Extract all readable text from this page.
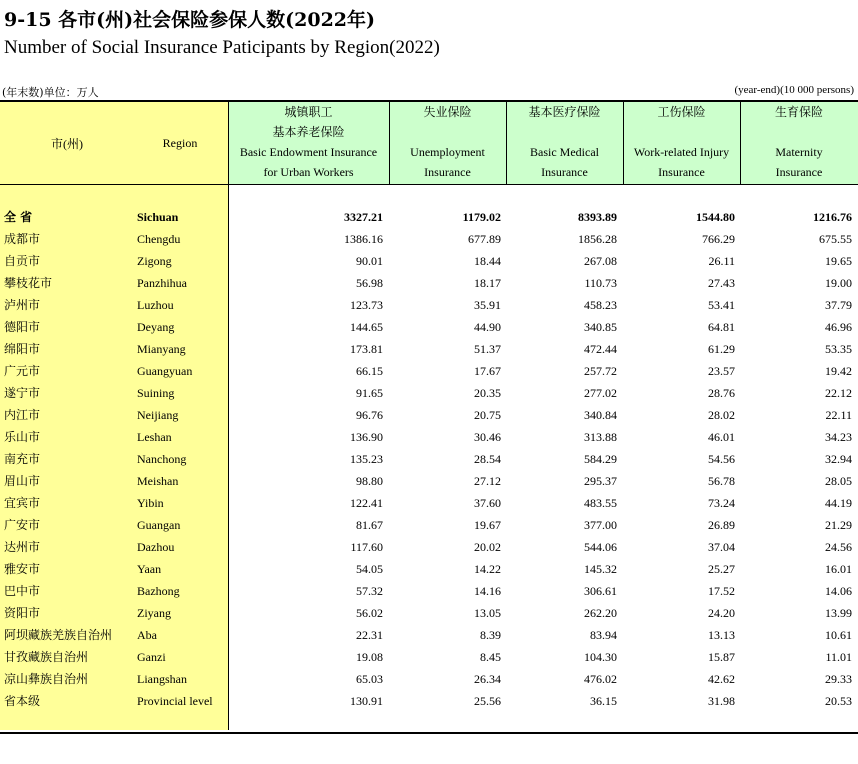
9-15 各市(州)社会保险参保人数(2022年)
Number of Social Insurance Paticipants by Region(2022)
(年末数)单位：万人	(year-end)(10 000 persons)
市(州)	Region
城镇职工
基本养老保险
Basic Endowment Insurance
for Urban Workers
失业保险

Unemployment
Insurance
基本医疗保险

Basic Medical
Insurance
工伤保险

Work-related Injury
Insurance
生育保险

Maternity
Insurance
全 省	Sichuan	3327.21	1179.02	8393.89	1544.80	1216.76
成都市	Chengdu	1386.16	677.89	1856.28	766.29	675.55
自贡市	Zigong	90.01	18.44	267.08	26.11	19.65
攀枝花市	Panzhihua	56.98	18.17	110.73	27.43	19.00
泸州市	Luzhou	123.73	35.91	458.23	53.41	37.79
德阳市	Deyang	144.65	44.90	340.85	64.81	46.96
绵阳市	Mianyang	173.81	51.37	472.44	61.29	53.35
广元市	Guangyuan	66.15	17.67	257.72	23.57	19.42
遂宁市	Suining	91.65	20.35	277.02	28.76	22.12
内江市	Neijiang	96.76	20.75	340.84	28.02	22.11
乐山市	Leshan	136.90	30.46	313.88	46.01	34.23
南充市	Nanchong	135.23	28.54	584.29	54.56	32.94
眉山市	Meishan	98.80	27.12	295.37	56.78	28.05
宜宾市	Yibin	122.41	37.60	483.55	73.24	44.19
广安市	Guangan	81.67	19.67	377.00	26.89	21.29
达州市	Dazhou	117.60	20.02	544.06	37.04	24.56
雅安市	Yaan	54.05	14.22	145.32	25.27	16.01
巴中市	Bazhong	57.32	14.16	306.61	17.52	14.06
资阳市	Ziyang	56.02	13.05	262.20	24.20	13.99
阿坝藏族羌族自治州 Aba	22.31	8.39	83.94	13.13	10.61
甘孜藏族自治州	Ganzi	19.08	8.45	104.30	15.87	11.01
凉山彝族自治州	Liangshan	65.03	26.34	476.02	42.62	29.33
省本级	Provincial level	130.91	25.56	36.15	31.98	20.53
